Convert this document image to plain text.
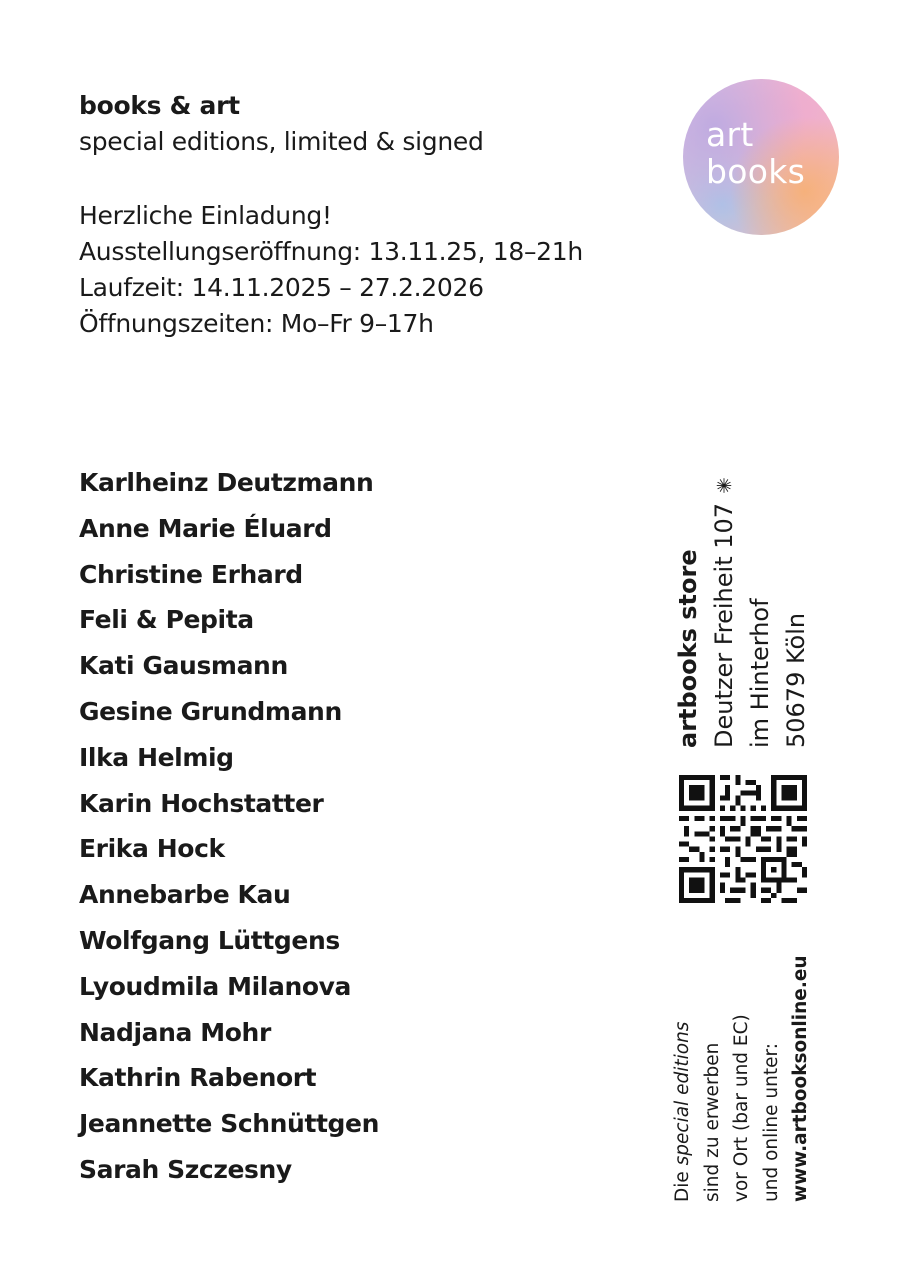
books & art
special editions, limited & signed
Herzliche Einladung!
Ausstellungseröffnung: 13.11.25, 18–21h
Laufzeit: 14.11.2025 – 27.2.2026
Öffnungszeiten: Mo–Fr 9–17h
art
books
Karlheinz Deutzmann
Anne Marie Éluard
Christine Erhard
Feli & Pepita
Kati Gausmann
Gesine Grundmann
Ilka Helmig
Karin Hochstatter
Erika Hock
Annebarbe Kau
Wolfgang Lüttgens
Lyoudmila Milanova
Nadjana Mohr
Kathrin Rabenort
Jeannette Schnüttgen
Sarah Szczesny
artbooks store Deutzer Freiheit 107 im Hinterhof 50679 Köln
Die special editions sind zu erwerben vor Ort (bar und EC) und online unter: www.artbooksonline.eu
